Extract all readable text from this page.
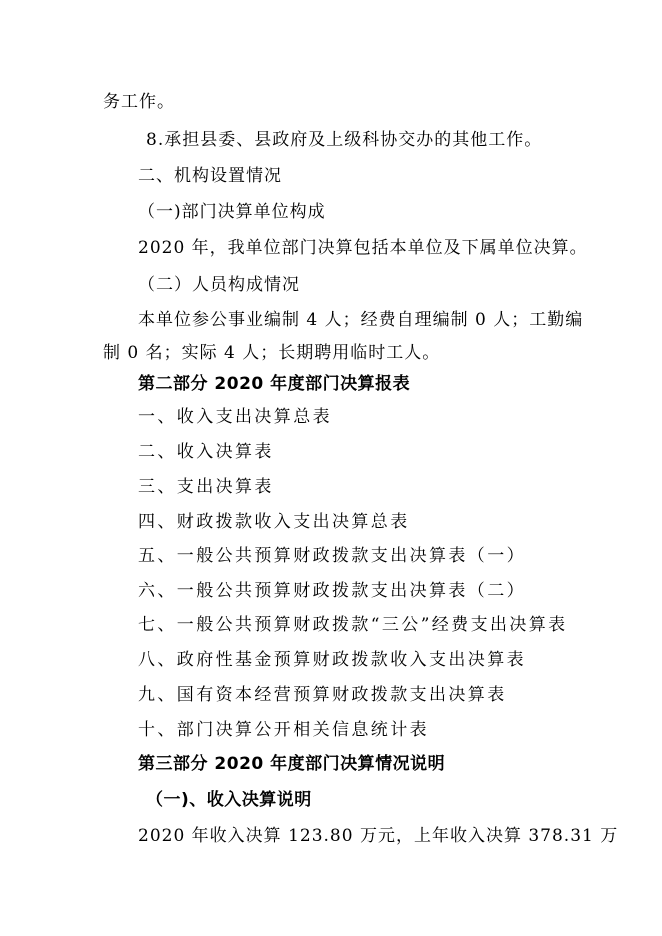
务工作。
8.承担县委、县政府及上级科协交办的其他工作。
二、机构设置情况
（一)部门决算单位构成
2020 年，我单位部门决算包括本单位及下属单位决算。
（二）人员构成情况
本单位参公事业编制 4 人；经费自理编制 0 人；工勤编
制 0 名；实际 4 人；长期聘用临时工人。
第二部分 2020 年度部门决算报表
一、收入支出决算总表
二、收入决算表
三、支出决算表
四、财政拨款收入支出决算总表
五、一般公共预算财政拨款支出决算表（一）
六、一般公共预算财政拨款支出决算表（二）
七、一般公共预算财政拨款“三公”经费支出决算表
八、政府性基金预算财政拨款收入支出决算表
九、国有资本经营预算财政拨款支出决算表
十、部门决算公开相关信息统计表
第三部分 2020 年度部门决算情况说明
（一)、收入决算说明
2020 年收入决算 123.80 万元，上年收入决算 378.31 万
